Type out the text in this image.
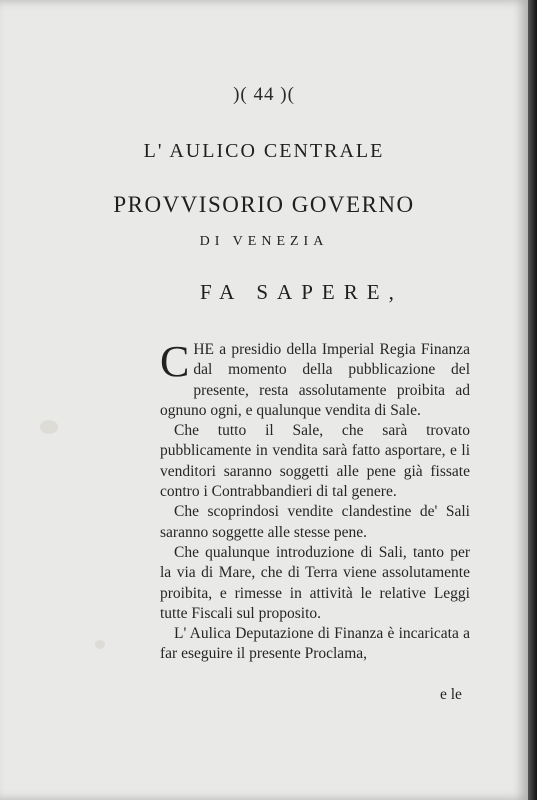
)( 44 )(
L' AULICO CENTRALE
PROVVISORIO GOVERNO
DI VENEZIA
FA SAPERE,

CHE a presidio della Imperial Regia Finanza dal momento della pubblicazione del presente, resta assolutamente proibita ad ognuno ogni, e qualunque vendita di Sale.

Che tutto il Sale, che sarà trovato pubblicamente in vendita sarà fatto asportare, e li venditori saranno soggetti alle pene già fissate contro i Contrabbandieri di tal genere.

Che scoprindosi vendite clandestine de' Sali saranno soggette alle stesse pene.

Che qualunque introduzione di Sali, tanto per la via di Mare, che di Terra viene assolutamente proibita, e rimesse in attività le relative Leggi tutte Fiscali sul proposito.

L' Aulica Deputazione di Finanza è incaricata a far eseguire il presente Proclama,

e le
